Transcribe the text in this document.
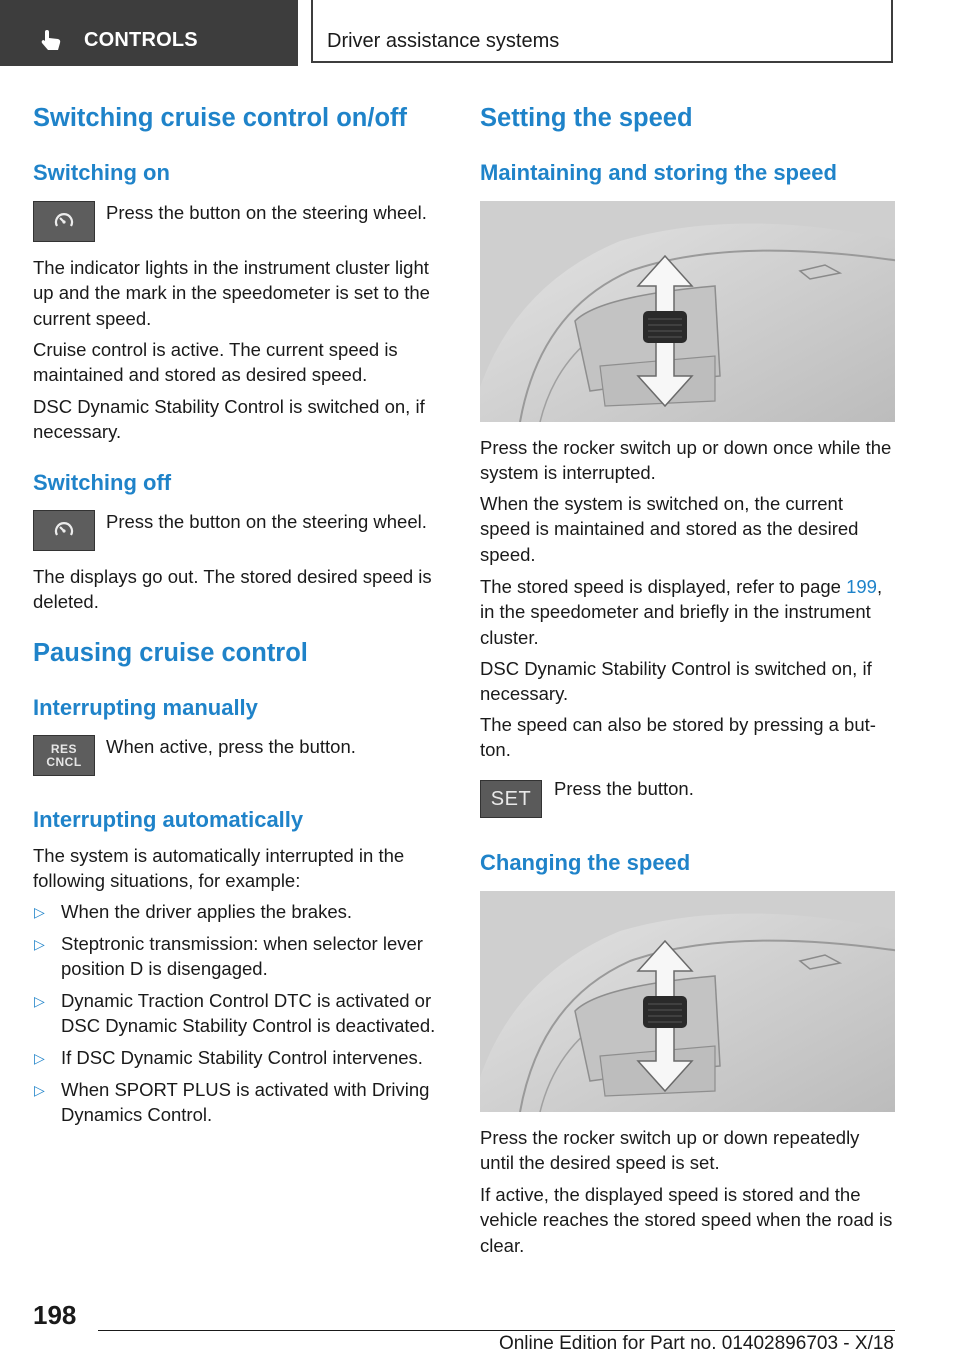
CONTROLS	Driver assistance systems
Switching cruise control on/off
Switching on

Press the button on the steering wheel.

The indicator lights in the instrument cluster light up and the mark in the speedometer is set to the current speed.

Cruise control is active. The current speed is maintained and stored as desired speed.

DSC Dynamic Stability Control is switched on, if necessary.

Switching off

Press the button on the steering wheel.

The displays go out. The stored desired speed is deleted.

Pausing cruise control
Interrupting manually
RES
CNCL

When active, press the button.

Interrupting automatically

The system is automatically interrupted in the following situations, for example:

▷ When the driver applies the brakes.
▷ Steptronic transmission: when selector lever position D is disengaged.
▷ Dynamic Traction Control DTC is activated or DSC Dynamic Stability Control is deactivated.
▷ If DSC Dynamic Stability Control intervenes.
▷ When SPORT PLUS is activated with Driving Dynamics Control.
Setting the speed
Maintaining and storing the speed

Press the rocker switch up or down once while the system is interrupted.

When the system is switched on, the current speed is maintained and stored as the desired speed.

The stored speed is displayed, refer to page 199, in the speedometer and briefly in the instrument cluster.

DSC Dynamic Stability Control is switched on, if necessary.

The speed can also be stored by pressing a but-ton.

SET Press the button.

Changing the speed

Press the rocker switch up or down repeatedly until the desired speed is set.

If active, the displayed speed is stored and the vehicle reaches the stored speed when the road is clear.

198
Online Edition for Part no. 01402896703 - X/18
